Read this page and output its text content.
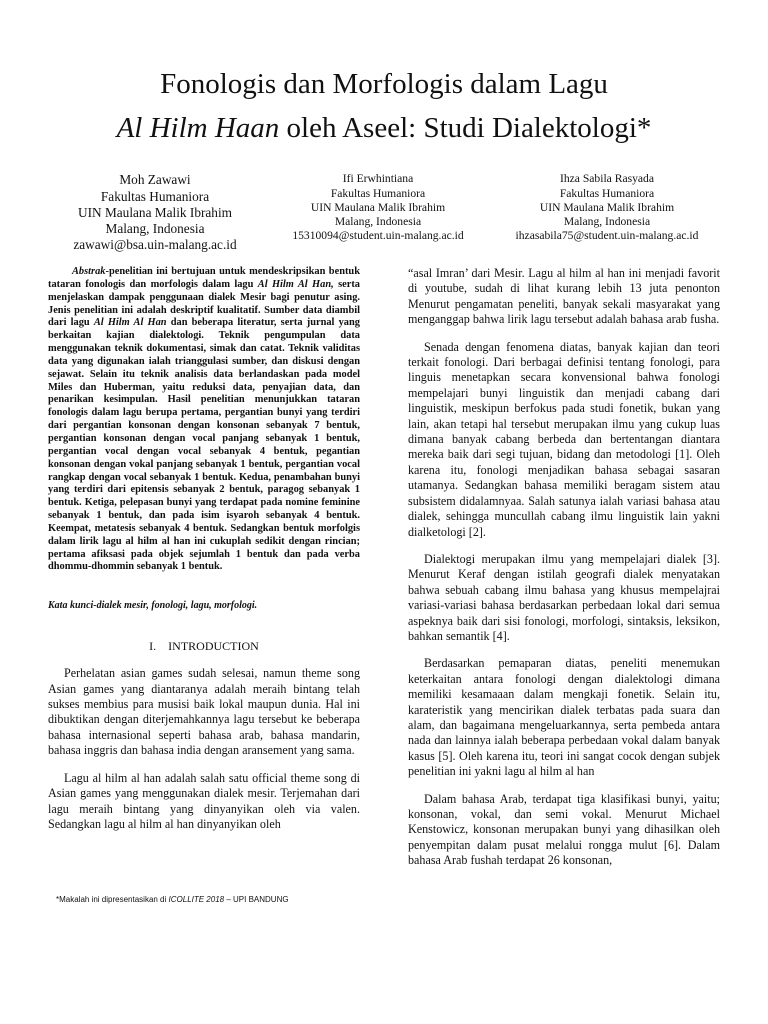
Fonologis dan Morfologis dalam Lagu
Al Hilm Haan oleh Aseel: Studi Dialektologi*
Moh Zawawi
Fakultas Humaniora
UIN Maulana Malik Ibrahim
Malang, Indonesia
zawawi@bsa.uin-malang.ac.id
Ifi Erwhintiana
Fakultas Humaniora
UIN Maulana Malik Ibrahim
Malang, Indonesia
15310094@student.uin-malang.ac.id
Ihza Sabila Rasyada
Fakultas Humaniora
UIN Maulana Malik Ibrahim
Malang, Indonesia
ihzasabila75@student.uin-malang.ac.id

Abstrak-penelitian ini bertujuan untuk mendeskripsikan bentuk tataran fonologis dan morfologis dalam lagu Al Hilm Al Han, serta menjelaskan dampak penggunaan dialek Mesir bagi penutur asing. Jenis penelitian ini adalah deskriptif kualitatif. Sumber data diambil dari lagu Al Hilm Al Han dan beberapa literatur, serta jurnal yang berkaitan kajian dialektologi. Teknik pengumpulan data menggunakan teknik dokumentasi, simak dan catat. Teknik validitas data yang digunakan ialah trianggulasi sumber, dan diskusi dengan sejawat. Selain itu teknik analisis data berlandaskan pada model Miles dan Huberman, yaitu reduksi data, penyajian data, dan penarikan kesimpulan. Hasil penelitian menunjukkan tataran fonologis dalam lagu berupa pertama, pergantian bunyi yang terdiri dari pergantian konsonan dengan konsonan sebanyak 7 bentuk, pergantian konsonan dengan vocal panjang sebanyak 1 bentuk, pergantian vocal dengan vocal sebanyak 4 bentuk, pegantian konsonan dengan vokal panjang sebanyak 1 bentuk, pergantian vocal rangkap dengan vocal sebanyak 1 bentuk. Kedua, penambahan bunyi yang terdiri dari epitensis sebanyak 2 bentuk, paragog sebanyak 1 bentuk. Ketiga, pelepasan bunyi yang terdapat pada nomine feminine sebanyak 1 bentuk, dan pada isim isyaroh sebanyak 4 bentuk. Keempat, metatesis sebanyak 4 bentuk. Sedangkan bentuk morfolgis dalam lirik lagu al hilm al han ini cukuplah sedikit dengan rincian; pertama afiksasi pada objek sejumlah 1 bentuk dan pada verba dhommu-dhommin sebanyak 1 bentuk.

Kata kunci-dialek mesir, fonologi, lagu, morfologi.

I.    INTRODUCTION

Perhelatan asian games sudah selesai, namun theme song Asian games yang diantaranya adalah meraih bintang telah sukses membius para musisi baik lokal maupun dunia. Hal ini dibuktikan dengan diterjemahkannya lagu tersebut ke beberapa bahasa internasional seperti bahasa arab, bahasa mandarin, bahasa inggris dan bahasa india dengan aransement yang sama.

Lagu al hilm al han adalah salah satu official theme song di Asian games yang menggunakan dialek mesir. Terjemahan dari lagu meraih bintang yang dinyanyikan oleh via valen. Sedangkan lagu al hilm al han dinyanyikan oleh

“asal Imran’ dari Mesir. Lagu al hilm al han ini menjadi favorit di youtube, sudah di lihat kurang lebih 13 juta penonton Menurut pengamatan peneliti, banyak sekali masyarakat yang menganggap bahwa lirik lagu tersebut adalah bahasa arab fusha.

Senada dengan fenomena diatas, banyak kajian dan teori terkait fonologi. Dari berbagai definisi tentang fonologi, para linguis menetapkan secara konvensional bahwa fonologi mempelajari bunyi linguistik dan menjadi cabang dari linguistik, meskipun berfokus pada studi fonetik, bukan yang lain, akan tetapi hal tersebut merupakan ilmu yang cukup luas dimana banyak cabang berbeda dan bertentangan diantara mereka baik dari segi tujuan, bidang dan metodologi [1]. Oleh karena itu, fonologi menjadikan bahasa sebagai sasaran utamanya. Sedangkan bahasa memiliki beragam sistem atau subsistem didalamnyaa. Salah satunya ialah variasi bahasa atau dialek, sehingga muncullah cabang ilmu linguistik lain yakni dialketologi [2].

Dialektogi merupakan ilmu yang mempelajari dialek [3]. Menurut Keraf dengan istilah geografi dialek menyatakan bahwa sebuah cabang ilmu bahasa yang khusus mempelajrai variasi-variasi bahasa berdasarkan perbedaan lokal dari semua aspeknya baik dari sisi fonologi, morfologi, sintaksis, leksikon, bahkan semantik [4].

Berdasarkan pemaparan diatas, peneliti menemukan keterkaitan antara fonologi dengan dialektologi dimana memiliki kesamaaan dalam mengkaji fonetik. Selain itu, karateristik yang mencirikan dialek terbatas pada suara dan alam, dan bagaimana mengeluarkannya, serta pembeda antara nada dan lainnya ialah beberapa perbedaan vokal dalam banyak kasus [5]. Oleh karena itu, teori ini sangat cocok dengan subjek penelitian ini yakni lagu al hilm al han

Dalam bahasa Arab, terdapat tiga klasifikasi bunyi, yaitu; konsonan, vokal, dan semi vokal. Menurut Michael Kenstowicz, konsonan merupakan bunyi yang dihasilkan oleh penyempitan dalam pusat melalui rongga mulut [6]. Dalam bahasa Arab fushah terdapat 26 konsonan,

*Makalah ini dipresentasikan di ICOLLITE 2018 – UPI BANDUNG
